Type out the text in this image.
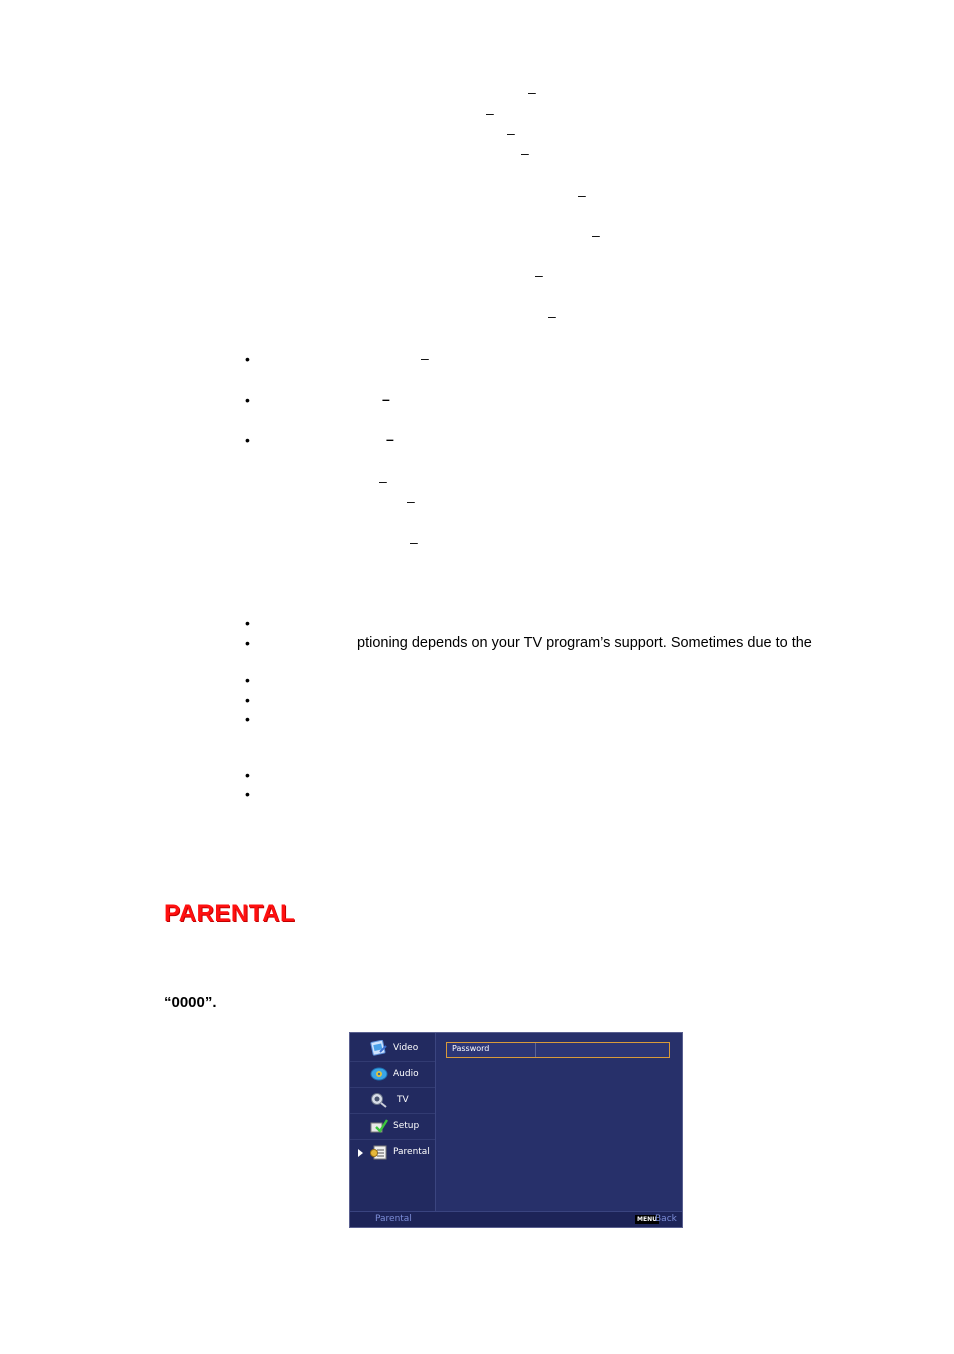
–
–
–
–
–
–
–
–
•	–
•	–
•	–
–
–
–
•
•	ptioning depends on your TV program’s support. Sometimes due to the
•
•
•
•
•
PARENTAL
“0000”.
Video
Audio
TV
Setup
Parental
Password
Parental	MENU
Back
